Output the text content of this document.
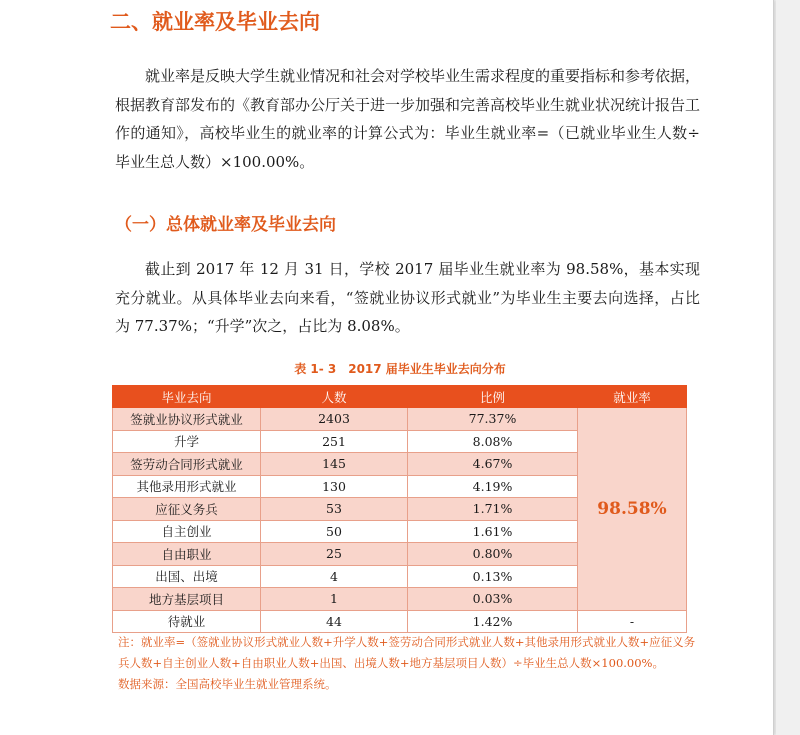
二、就业率及毕业去向

就业率是反映大学生就业情况和社会对学校毕业生需求程度的重要指标和参考依据，根据教育部发布的《教育部办公厅关于进一步加强和完善高校毕业生就业状况统计报告工作的通知》，高校毕业生的就业率的计算公式为：毕业生就业率=（已就业毕业生人数÷毕业生总人数）×100.00%。

（一）总体就业率及毕业去向

截止到 2017 年 12 月 31 日，学校 2017 届毕业生就业率为 98.58%，基本实现充分就业。从具体毕业去向来看，“签就业协议形式就业”为毕业生主要去向选择，占比为 77.37%；“升学”次之，占比为 8.08%。

表 1- 3　2017 届毕业生毕业去向分布
毕业去向	人数	比例	就业率
签就业协议形式就业	2403	77.37%	98.58%
升学	251	8.08%	
签劳动合同形式就业	145	4.67%	
其他录用形式就业	130	4.19%	
应征义务兵	53	1.71%	
自主创业	50	1.61%	
自由职业	25	0.80%	
出国、出境	4	0.13%	
地方基层项目	1	0.03%	
待就业	44	1.42%	-

注：就业率=（签就业协议形式就业人数+升学人数+签劳动合同形式就业人数+其他录用形式就业人数+应征义务兵人数+自主创业人数+自由职业人数+出国、出境人数+地方基层项目人数）÷毕业生总人数×100.00%。

数据来源：全国高校毕业生就业管理系统。
